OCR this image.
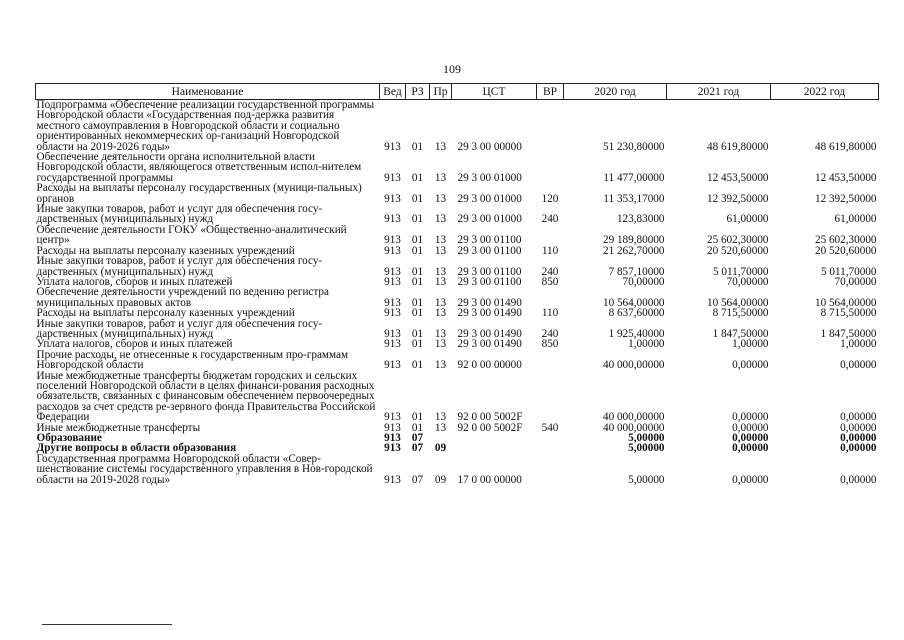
109
Наименование	Вед	РЗ	Пр	ЦСТ	ВР	2020 год	2021 год	2022 год
Подпрограмма «Обеспечение реализации государственной программы Новгородской области «Государственная под-держка развития местного самоуправления в Новгородской области и социально ориентированных некоммерческих ор-ганизаций Новгородской области на 2019-2026 годы»	913	01	13	29 3 00 00000		51 230,80000	48 619,80000	48 619,80000
Обеспечение деятельности органа исполнительной власти Новгородской области, являющегося ответственным испол-нителем государственной программы	913	01	13	29 3 00 01000		11 477,00000	12 453,50000	12 453,50000
Расходы на выплаты персоналу государственных (муници-пальных) органов	913	01	13	29 3 00 01000	120	11 353,17000	12 392,50000	12 392,50000
Иные закупки товаров, работ и услуг для обеспечения госу-дарственных (муниципальных) нужд	913	01	13	29 3 00 01000	240	123,83000	61,00000	61,00000
Обеспечение деятельности ГОКУ «Общественно-аналитический центр»	913	01	13	29 3 00 01100		29 189,80000	25 602,30000	25 602,30000
Расходы на выплаты персоналу казенных учреждений	913	01	13	29 3 00 01100	110	21 262,70000	20 520,60000	20 520,60000
Иные закупки товаров, работ и услуг для обеспечения госу-дарственных (муниципальных) нужд	913	01	13	29 3 00 01100	240	7 857,10000	5 011,70000	5 011,70000
Уплата налогов, сборов и иных платежей	913	01	13	29 3 00 01100	850	70,00000	70,00000	70,00000
Обеспечение деятельности учреждений по ведению регистра муниципальных правовых актов	913	01	13	29 3 00 01490		10 564,00000	10 564,00000	10 564,00000
Расходы на выплаты персоналу казенных учреждений	913	01	13	29 3 00 01490	110	8 637,60000	8 715,50000	8 715,50000
Иные закупки товаров, работ и услуг для обеспечения госу-дарственных (муниципальных) нужд	913	01	13	29 3 00 01490	240	1 925,40000	1 847,50000	1 847,50000
Уплата налогов, сборов и иных платежей	913	01	13	29 3 00 01490	850	1,00000	1,00000	1,00000
Прочие расходы, не отнесенные к государственным про-граммам Новгородской области	913	01	13	92 0 00 00000		40 000,00000	0,00000	0,00000
Иные межбюджетные трансферты бюджетам городских и сельских поселений Новгородской области в целях финанси-рования расходных обязательств, связанных с финансовым обеспечением первоочередных расходов за счет средств ре-зервного фонда Правительства Российской Федерации	913	01	13	92 0 00 5002F		40 000,00000	0,00000	0,00000
Иные межбюджетные трансферты	913	01	13	92 0 00 5002F	540	40 000,00000	0,00000	0,00000
Образование	913	07				5,00000	0,00000	0,00000
Другие вопросы в области образования	913	07	09			5,00000	0,00000	0,00000
Государственная программа Новгородской области «Совер-шенствование системы государственного управления в Нов-городской области на 2019-2028 годы»	913	07	09	17 0 00 00000		5,00000	0,00000	0,00000
